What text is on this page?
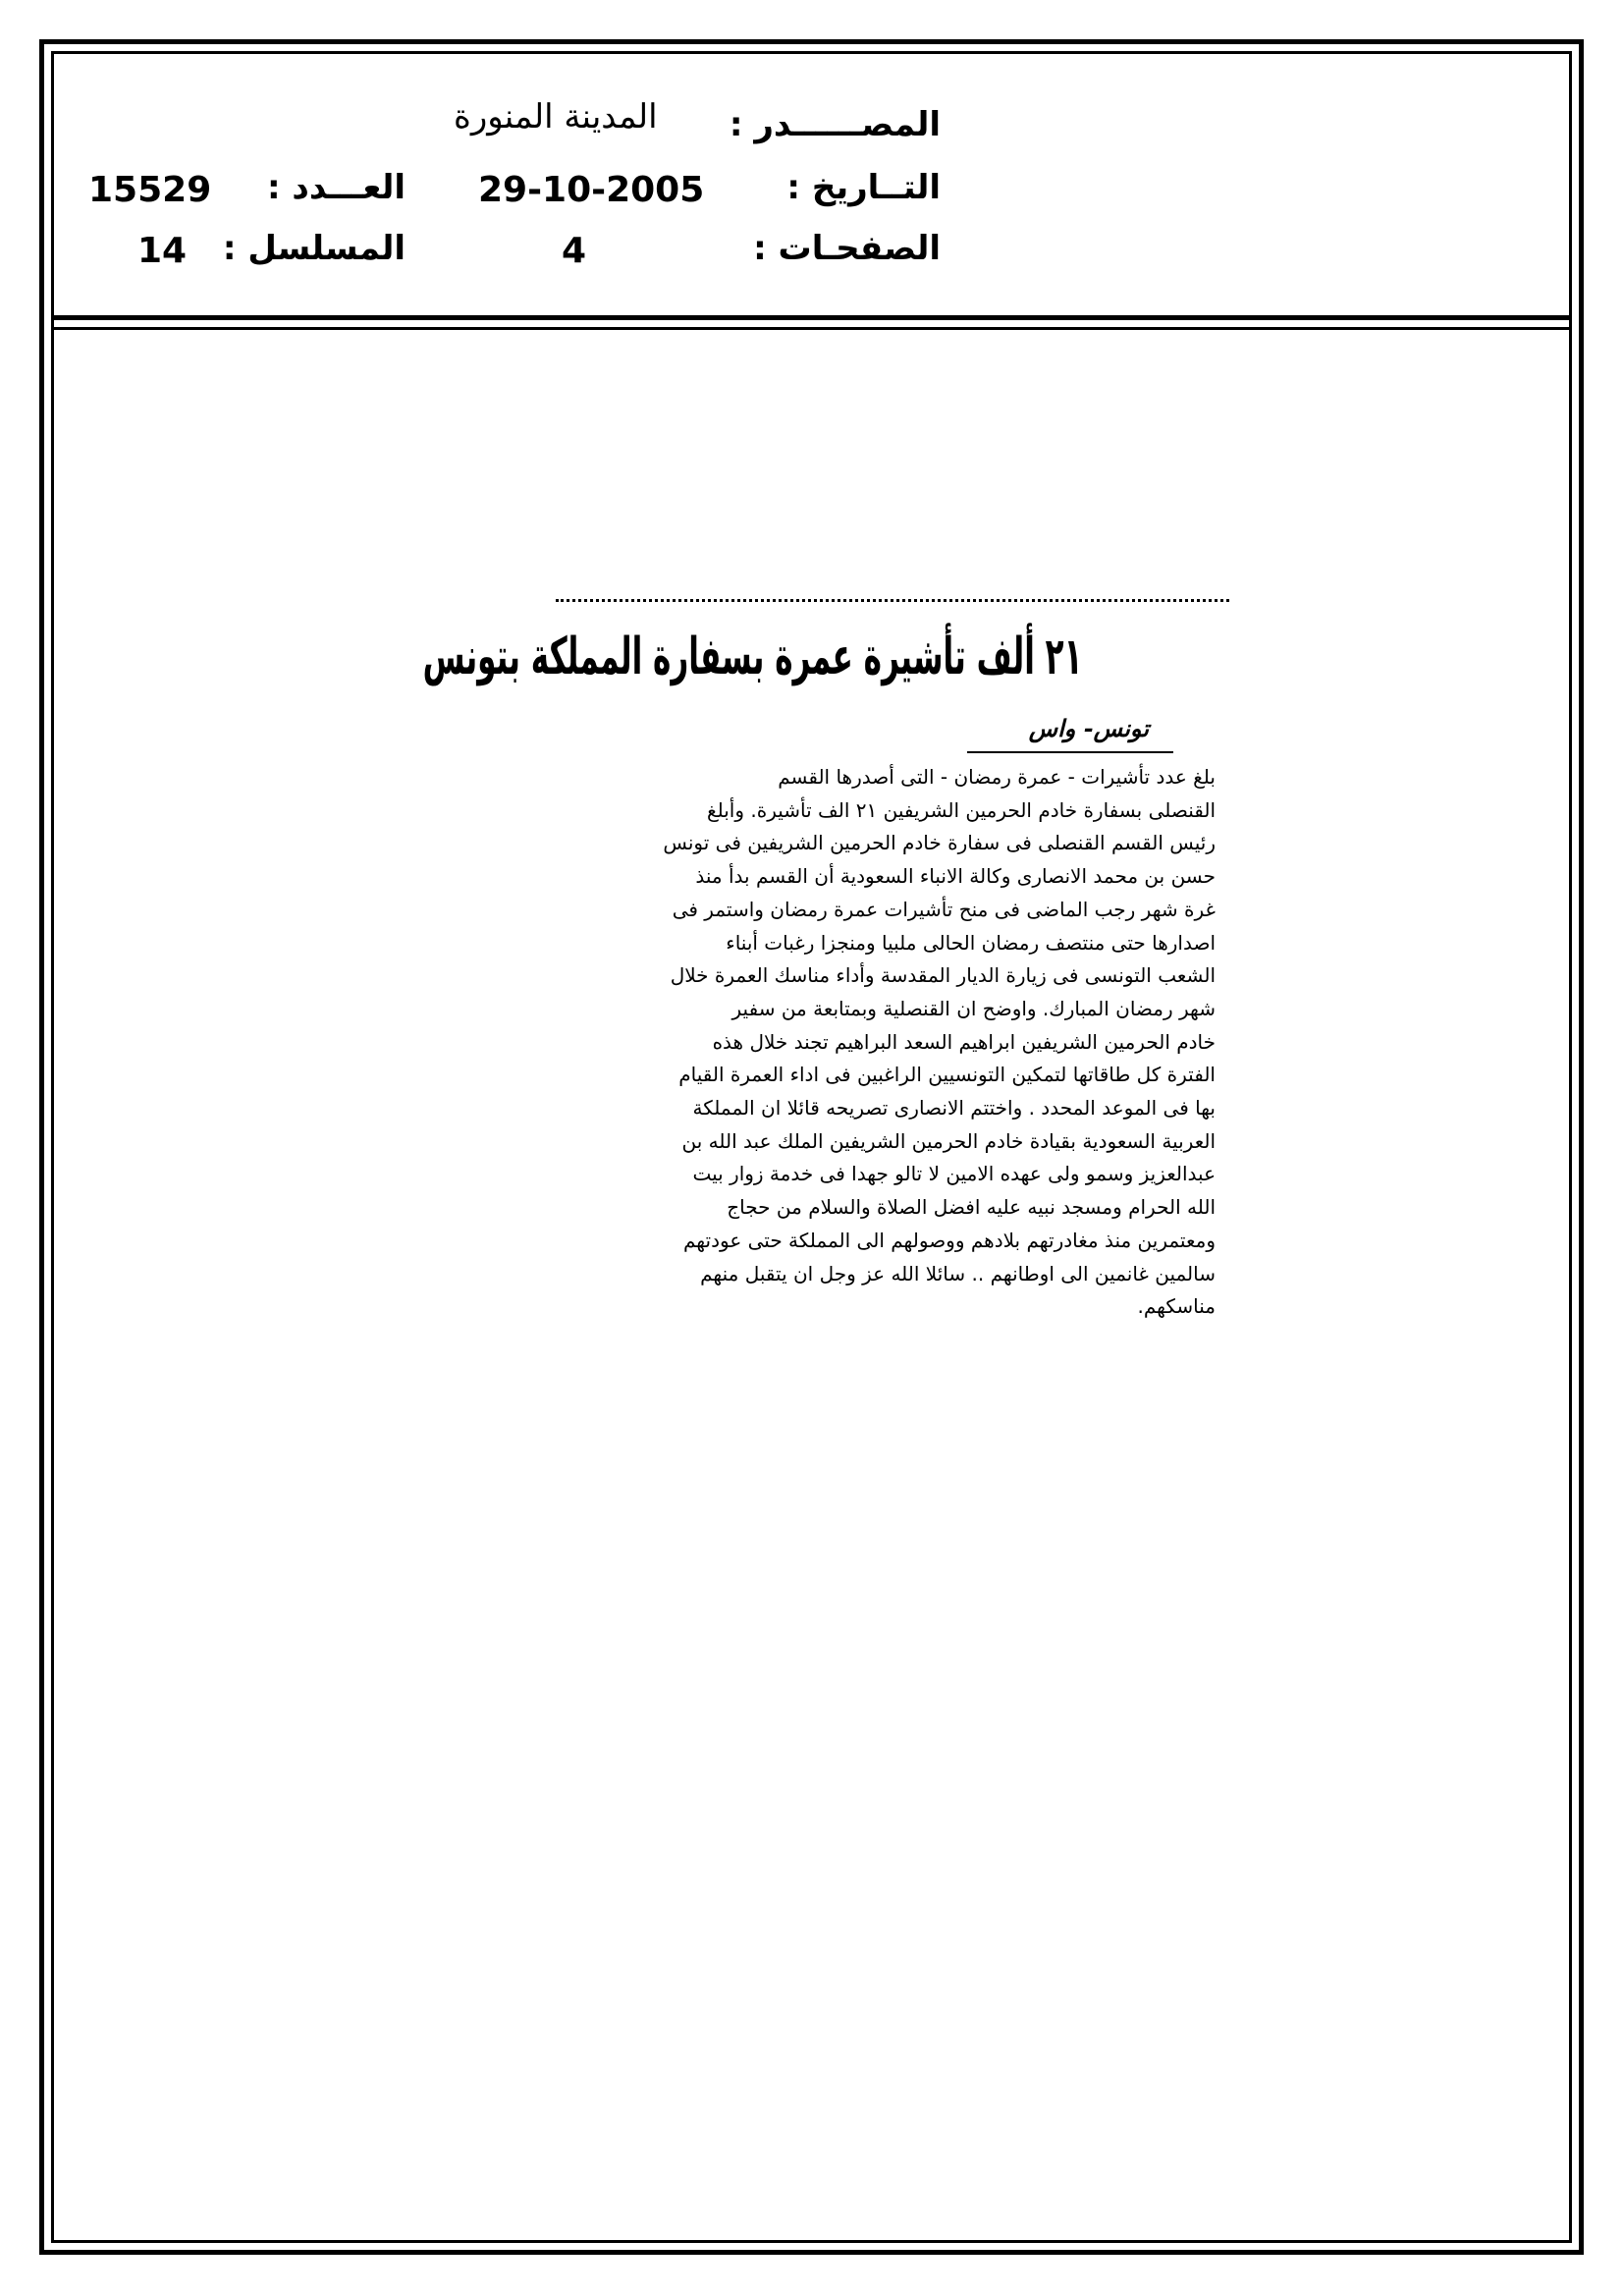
المصــــــدر :
المدينة المنورة
التــاريخ :
29-10-2005
الصفحـات :
4
العـــدد :
15529
المسلسل :
14
٢١ ألف تأشيرة عمرة بسفارة المملكة بتونس
تونس- واس
بلغ عدد تأشيرات - عمرة رمضان - التى أصدرها القسم
القنصلى بسفارة خادم الحرمين الشريفين ٢١ الف تأشيرة. وأبلغ
رئيس القسم القنصلى فى سفارة خادم الحرمين الشريفين فى تونس
حسن بن محمد الانصارى وكالة الانباء السعودية أن القسم بدأ منذ
غرة شهر رجب الماضى فى منح تأشيرات عمرة رمضان واستمر فى
اصدارها حتى منتصف رمضان الحالى ملبيا ومنجزا رغبات أبناء
الشعب التونسى فى زيارة الديار المقدسة وأداء مناسك العمرة خلال
شهر رمضان المبارك. واوضح ان القنصلية وبمتابعة من سفير
خادم الحرمين الشريفين ابراهيم السعد البراهيم تجند خلال هذه
الفترة كل طاقاتها لتمكين التونسيين الراغبين فى اداء العمرة القيام
بها فى الموعد المحدد . واختتم الانصارى تصريحه قائلا ان المملكة
العربية السعودية بقيادة خادم الحرمين الشريفين الملك عبد الله بن
عبدالعزيز وسمو ولى عهده الامين لا تالو جهدا فى خدمة زوار بيت
الله الحرام ومسجد نبيه عليه افضل الصلاة والسلام من حجاج
ومعتمرين منذ مغادرتهم بلادهم ووصولهم الى المملكة حتى عودتهم
سالمين غانمين الى اوطانهم .. سائلا الله عز وجل ان يتقبل منهم
مناسكهم.
